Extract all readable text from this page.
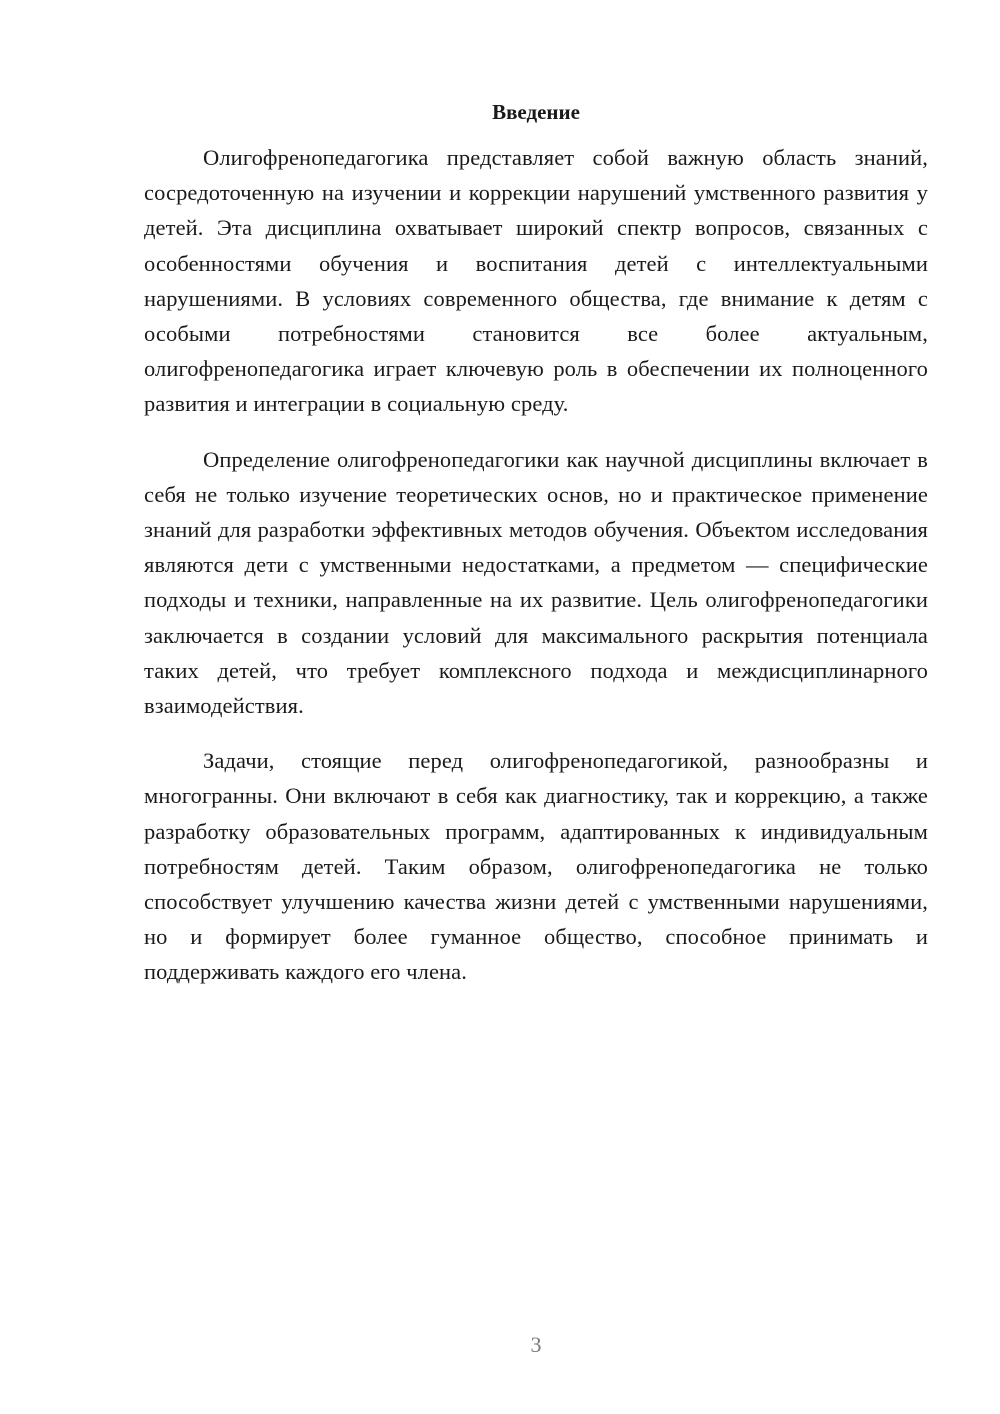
Введение

Олигофренопедагогика представляет собой важную область знаний, сосредоточенную на изучении и коррекции нарушений умственного развития у детей. Эта дисциплина охватывает широкий спектр вопросов, связанных с особенностями обучения и воспитания детей с интеллектуальными нарушениями. В условиях современного общества, где внимание к детям с особыми потребностями становится все более актуальным, олигофренопедагогика играет ключевую роль в обеспечении их полноценного развития и интеграции в социальную среду.

Определение олигофренопедагогики как научной дисциплины включает в себя не только изучение теоретических основ, но и практическое применение знаний для разработки эффективных методов обучения. Объектом исследования являются дети с умственными недостатками, а предметом — специфические подходы и техники, направленные на их развитие. Цель олигофренопедагогики заключается в создании условий для максимального раскрытия потенциала таких детей, что требует комплексного подхода и междисциплинарного взаимодействия.

Задачи, стоящие перед олигофренопедагогикой, разнообразны и многогранны. Они включают в себя как диагностику, так и коррекцию, а также разработку образовательных программ, адаптированных к индивидуальным потребностям детей. Таким образом, олигофренопедагогика не только способствует улучшению качества жизни детей с умственными нарушениями, но и формирует более гуманное общество, способное принимать и поддерживать каждого его члена.

3
